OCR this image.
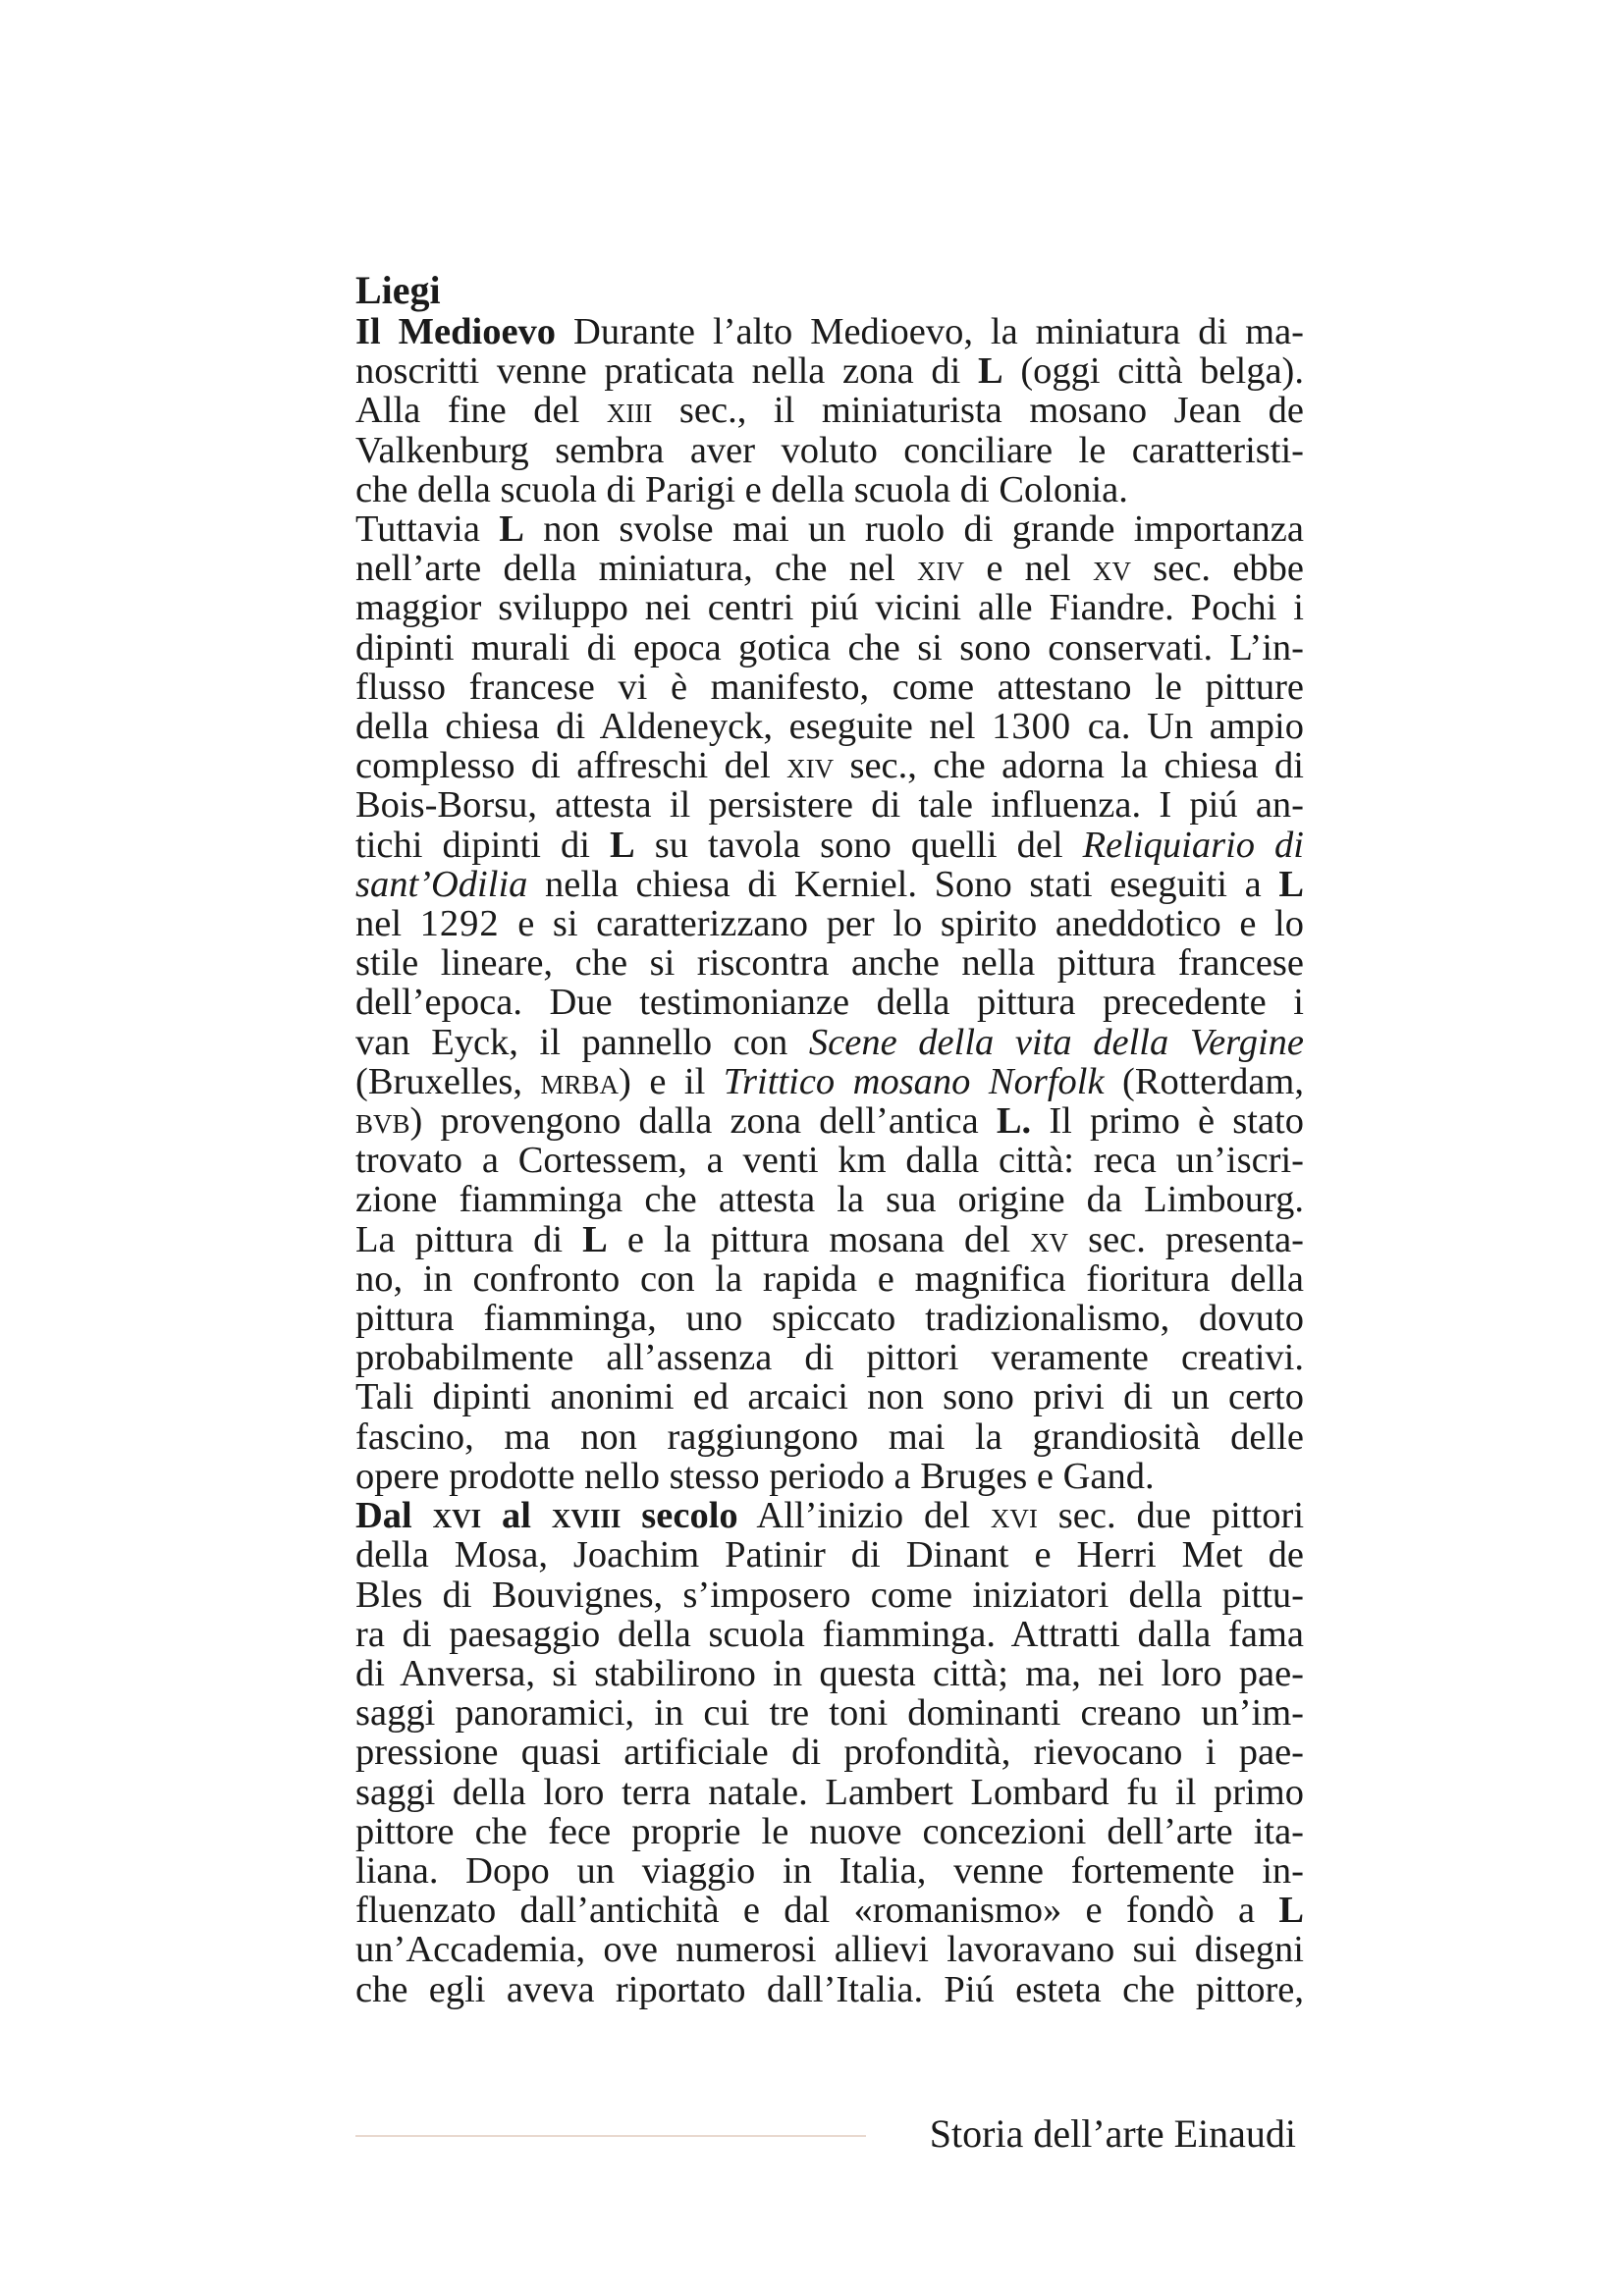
Liegi
Il Medioevo Durante l’alto Medioevo, la miniatura di ma-
noscritti venne praticata nella zona di L (oggi città belga).
Alla fine del xiii sec., il miniaturista mosano Jean de
Valkenburg sembra aver voluto conciliare le caratteristi-
che della scuola di Parigi e della scuola di Colonia.
Tuttavia L non svolse mai un ruolo di grande importanza
nell’arte della miniatura, che nel xiv e nel xv sec. ebbe
maggior sviluppo nei centri piú vicini alle Fiandre. Pochi i
dipinti murali di epoca gotica che si sono conservati. L’in-
flusso francese vi è manifesto, come attestano le pitture
della chiesa di Aldeneyck, eseguite nel 1300 ca. Un ampio
complesso di affreschi del xiv sec., che adorna la chiesa di
Bois-Borsu, attesta il persistere di tale influenza. I piú an-
tichi dipinti di L su tavola sono quelli del Reliquiario di
sant’Odilia nella chiesa di Kerniel. Sono stati eseguiti a L
nel 1292 e si caratterizzano per lo spirito aneddotico e lo
stile lineare, che si riscontra anche nella pittura francese
dell’epoca. Due testimonianze della pittura precedente i
van Eyck, il pannello con Scene della vita della Vergine
(Bruxelles, mrba) e il Trittico mosano Norfolk (Rotterdam,
bvb) provengono dalla zona dell’antica L. Il primo è stato
trovato a Cortessem, a venti km dalla città: reca un’iscri-
zione fiamminga che attesta la sua origine da Limbourg.
La pittura di L e la pittura mosana del xv sec. presenta-
no, in confronto con la rapida e magnifica fioritura della
pittura fiamminga, uno spiccato tradizionalismo, dovuto
probabilmente all’assenza di pittori veramente creativi.
Tali dipinti anonimi ed arcaici non sono privi di un certo
fascino, ma non raggiungono mai la grandiosità delle
opere prodotte nello stesso periodo a Bruges e Gand.
Dal xvi al xviii secolo All’inizio del xvi sec. due pittori
della Mosa, Joachim Patinir di Dinant e Herri Met de
Bles di Bouvignes, s’imposero come iniziatori della pittu-
ra di paesaggio della scuola fiamminga. Attratti dalla fama
di Anversa, si stabilirono in questa città; ma, nei loro pae-
saggi panoramici, in cui tre toni dominanti creano un’im-
pressione quasi artificiale di profondità, rievocano i pae-
saggi della loro terra natale. Lambert Lombard fu il primo
pittore che fece proprie le nuove concezioni dell’arte ita-
liana. Dopo un viaggio in Italia, venne fortemente in-
fluenzato dall’antichità e dal «romanismo» e fondò a L
un’Accademia, ove numerosi allievi lavoravano sui disegni
che egli aveva riportato dall’Italia. Piú esteta che pittore,
Storia dell’arte Einaudi
